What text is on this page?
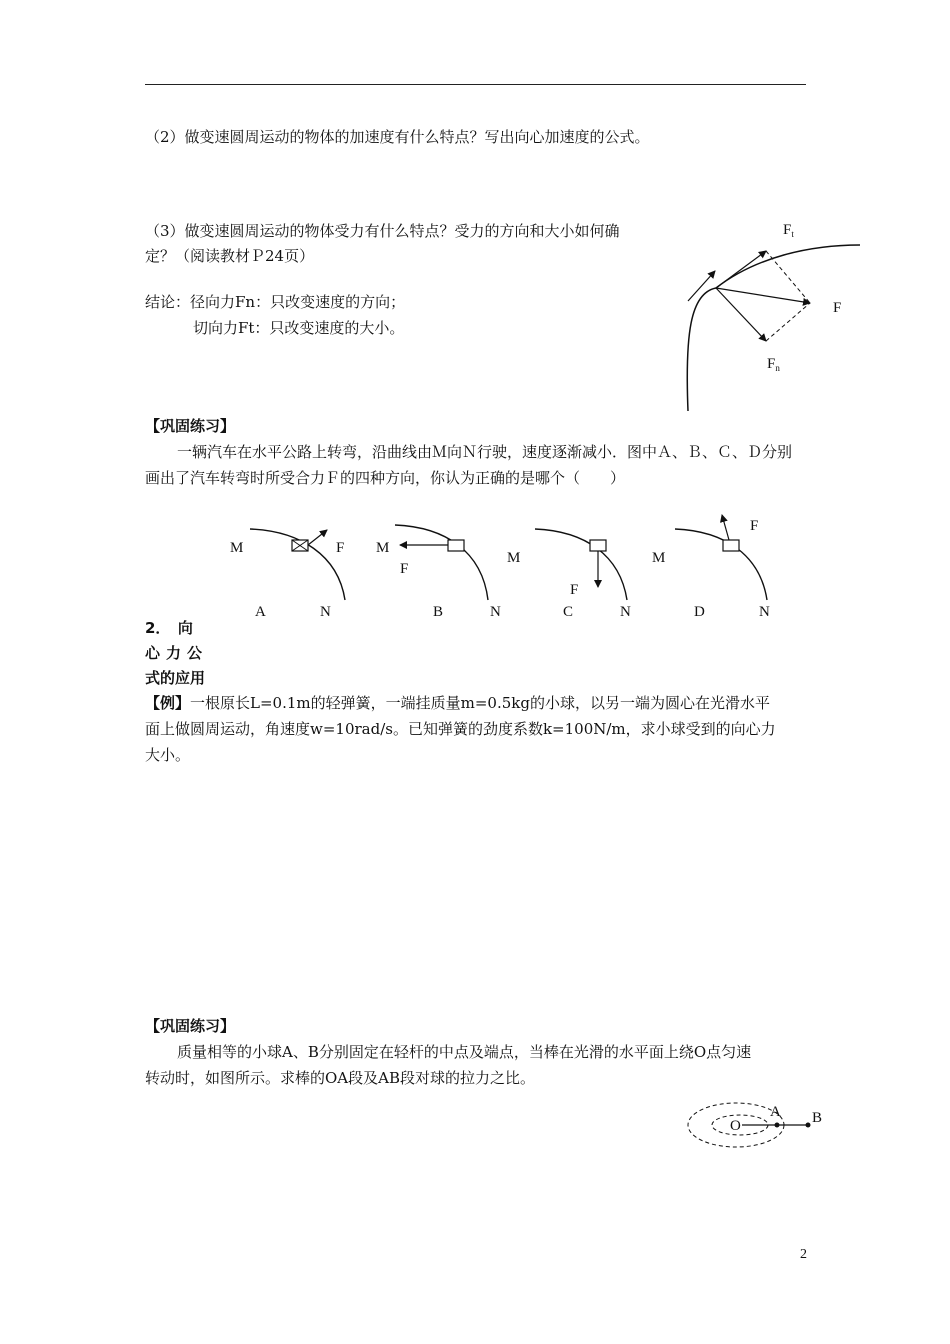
（2）做变速圆周运动的物体的加速度有什么特点？写出向心加速度的公式。
（3）做变速圆周运动的物体受力有什么特点？受力的方向和大小如何确
定？（阅读教材Ｐ24页）
结论：径向力Fn：只改变速度的方向；
切向力Ft：只改变速度的大小。
$F_t$
F
$F_n$
【巩固练习】
一辆汽车在水平公路上转弯，沿曲线由Ｍ向Ｎ行驶，速度逐渐减小．图中Ａ、Ｂ、Ｃ、Ｄ分别
画出了汽车转弯时所受合力Ｆ的四种方向，你认为正确的是哪个（　　）
M	F
A	N
M
F
B	N
M
F
C	N
M
F
D	N
2．　向
心力公
式的应用
【例】一根原长L=0.1m的轻弹簧，一端挂质量m=0.5kg的小球，以另一端为圆心在光滑水平
面上做圆周运动，角速度w=10rad/s。已知弹簧的劲度系数k=100N/m，求小球受到的向心力
大小。
【巩固练习】
质量相等的小球A、B分别固定在轻杆的中点及端点，当棒在光滑的水平面上绕O点匀速
转动时，如图所示。求棒的OA段及AB段对球的拉力之比。
O
A B
2
